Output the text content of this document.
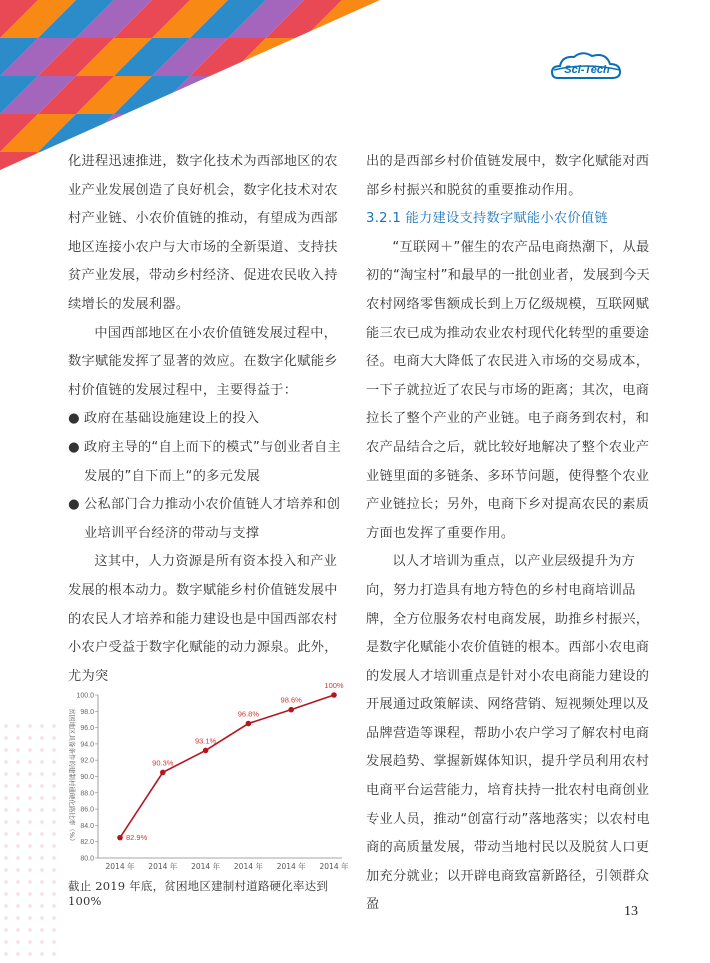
Sci-Tech

化进程迅速推进，数字化技术为西部地区的农业产业发展创造了良好机会，数字化技术对农村产业链、小农价值链的推动，有望成为西部地区连接小农户与大市场的全新渠道、支持扶贫产业发展，带动乡村经济、促进农民收入持续增长的发展利器。

中国西部地区在小农价值链发展过程中，数字赋能发挥了显著的效应。在数字化赋能乡村价值链的发展过程中，主要得益于：

● 政府在基础设施建设上的投入
● 政府主导的“自上而下的模式”与创业者自主发展的”自下而上“的多元发展
● 公私部门合力推动小农价值链人才培养和创业培训平台经济的带动与支撑

这其中，人力资源是所有资本投入和产业发展的根本动力。数字赋能乡村价值链发展中的农民人才培养和能力建设也是中国西部农村小农户受益于数字化赋能的动力源泉。此外，尤为突

80.0
82.0
84.0
86.0
88.0
90.0
92.0
94.0
96.0
98.0
100.0
贫困地区具备条件的建制村通硬化路比率（%）
2014 年 2014 年 2014 年 2014 年 2014 年 2014 年
82.9%
90.3%
93.1%
96.8%
98.6%
100%
截止 2019 年底，贫困地区建制村道路硬化率达到 100%

出的是西部乡村价值链发展中，数字化赋能对西部乡村振兴和脱贫的重要推动作用。

3.2.1 能力建设支持数字赋能小农价值链

“互联网＋”催生的农产品电商热潮下，从最初的“淘宝村”和最早的一批创业者，发展到今天农村网络零售额成长到上万亿级规模，互联网赋能三农已成为推动农业农村现代化转型的重要途径。电商大大降低了农民进入市场的交易成本，一下子就拉近了农民与市场的距离；其次，电商拉长了整个产业的产业链。电子商务到农村，和农产品结合之后，就比较好地解决了整个农业产业链里面的多链条、多环节问题，使得整个农业产业链拉长；另外，电商下乡对提高农民的素质方面也发挥了重要作用。

以人才培训为重点，以产业层级提升为方向，努力打造具有地方特色的乡村电商培训品牌，全方位服务农村电商发展，助推乡村振兴，是数字化赋能小农价值链的根本。西部小农电商的发展人才培训重点是针对小农电商能力建设的开展通过政策解读、网络营销、短视频处理以及品牌营造等课程，帮助小农户学习了解农村电商发展趋势、掌握新媒体知识，提升学员利用农村电商平台运营能力，培育扶持一批农村电商创业专业人员，推动“创富行动”落地落实；以农村电商的高质量发展，带动当地村民以及脱贫人口更加充分就业；以开辟电商致富新路径，引领群众盈	13
